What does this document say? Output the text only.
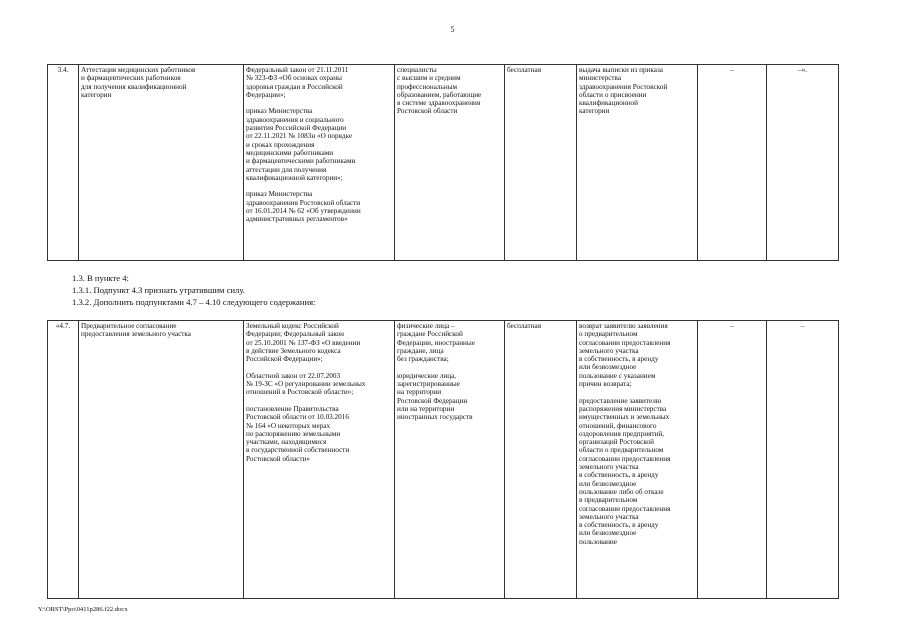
5
3.4.	Аттестация медицинских работников
и фармацевтических работников
для получения квалификационной
категории	Федеральный закон от 21.11.2011
№ 323-ФЗ «Об основах охраны
здоровья граждан в Российской
Федерации»;

приказ Министерства
здравоохранения и социального
развития Российской Федерации
от 22.11.2021 № 1083н «О порядке
и сроках прохождения
медицинскими работниками
и фармацевтическими работниками
аттестации для получения
квалификационной категории»;

приказ Министерства
здравоохранения Ростовской области
от 16.01.2014 № 62 «Об утверждении
административных регламентов»	специалисты
с высшим и средним
профессиональным
образованием, работающие
в системе здравоохранения
Ростовской области	бесплатная	выдача выписки из приказа
министерства
здравоохранения Ростовской
области о присвоении
квалификационной
категории	–	–».
1.3. В пункте 4:
1.3.1. Подпункт 4.3 признать утратившим силу.
1.3.2. Дополнить подпунктами 4.7 – 4.10 следующего содержания:
«4.7.	Предварительное согласование
предоставления земельного участка	Земельный кодекс Российской
Федерации; Федеральный закон
от 25.10.2001 № 137-ФЗ «О введении
в действие Земельного кодекса
Российской Федерации»;

Областной закон от 22.07.2003
№ 19-ЗС «О регулировании земельных
отношений в Ростовской области»;

постановление Правительства
Ростовской области от 10.03.2016
№ 164 «О некоторых мерах
по распоряжению земельными
участками, находящимися
в государственной собственности
Ростовской области»	физические лица –
граждане Российской
Федерации, иностранные
граждане, лица
без гражданства;

юридические лица,
зарегистрированные
на территории
Ростовской Федерации
или на территории
иностранных государств	бесплатная	возврат заявителю заявления
о предварительном
согласовании предоставления
земельного участка
в собственность, в аренду
или безвозмездное
пользование с указанием
причин возврата;

предоставление заявителю
распоряжения министерства
имущественных и земельных
отношений, финансового
оздоровления предприятий,
организаций Ростовской
области о предварительном
согласовании предоставления
земельного участка
в собственность, в аренду
или безвозмездное
пользование либо об отказе
в предварительном
согласовании предоставления
земельного участка
в собственность, в аренду
или безвозмездное
пользование	–	–
Y:\ORST\Ppo\0411p286.f22.docx
